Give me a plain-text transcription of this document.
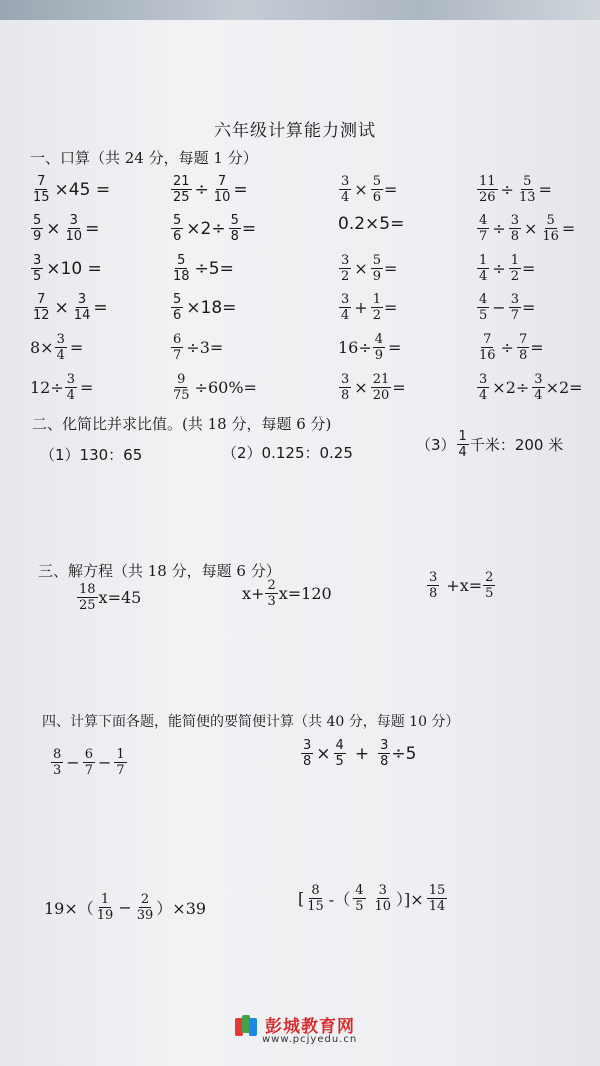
六年级计算能力测试
一、口算（共 24 分，每题 1 分）
$\frac{7}{15} \times 45$ =	$\frac{21}{25} \div \frac{7}{10}$ =	$\frac{3}{4} \times \frac{5}{6}$ =	$\frac{11}{26} \div \frac{5}{13}$ =
$\frac{5}{9} \times \frac{3}{10}$ =	$\frac{5}{6} \times 2\div \frac{5}{8}$ =	0.2×5=	$\frac{4}{7} \div \frac{3}{8} \times \frac{5}{16}$ =
$\frac{3}{5} \times 10$ =	$\frac{5}{18} \div 5=$	$\frac{3}{2} \times \frac{5}{9}$ =	$\frac{1}{4} \div \frac{1}{2}$ =
$\frac{7}{12} \times \frac{3}{14}$ =	$\frac{5}{6} \times 18=$	$\frac{3}{4} + \frac{1}{2}$ =	$\frac{4}{5} - \frac{3}{7}$ =
$8\times \frac{3}{4}$ =	$\frac{6}{7} \div 3=$	$16\div \frac{4}{9}$ =	$\frac{7}{16} \div \frac{7}{8}$ =
$12\div \frac{3}{4}$ =	$\frac{9}{75} \div 60\%=$	$\frac{3}{8} \times \frac{21}{20}$ =	$\frac{3}{4} \times 2\div \frac{3}{4} \times 2=$
二、化简比并求比值。(共 18 分，每题 6 分)
（1）130：65	（2）0.125：0.25	$(3) \frac{1}{4}$ 千米：200 米
三、解方程（共 18 分，每题 6 分）
$\frac{18}{25} x=45$	$x+ \frac{2}{3} x=120$	$\frac{3}{8} +x= \frac{2}{5}$
四、计算下面各题，能简便的要简便计算（共 40 分，每题 10 分）
$\frac{8}{3} - \frac{6}{7} - \frac{1}{7}$	$\frac{3}{8} \times \frac{4}{5} + \frac{3}{8} \div 5$
$19\times( \frac{1}{19} - \frac{2}{39} )\times 39$
[ $\frac{8}{15}$ -（ $\frac{4}{5} \frac{3}{10}$ ）]× $\frac{15}{14}$
彭城教育网
www.pcjyedu.cn
